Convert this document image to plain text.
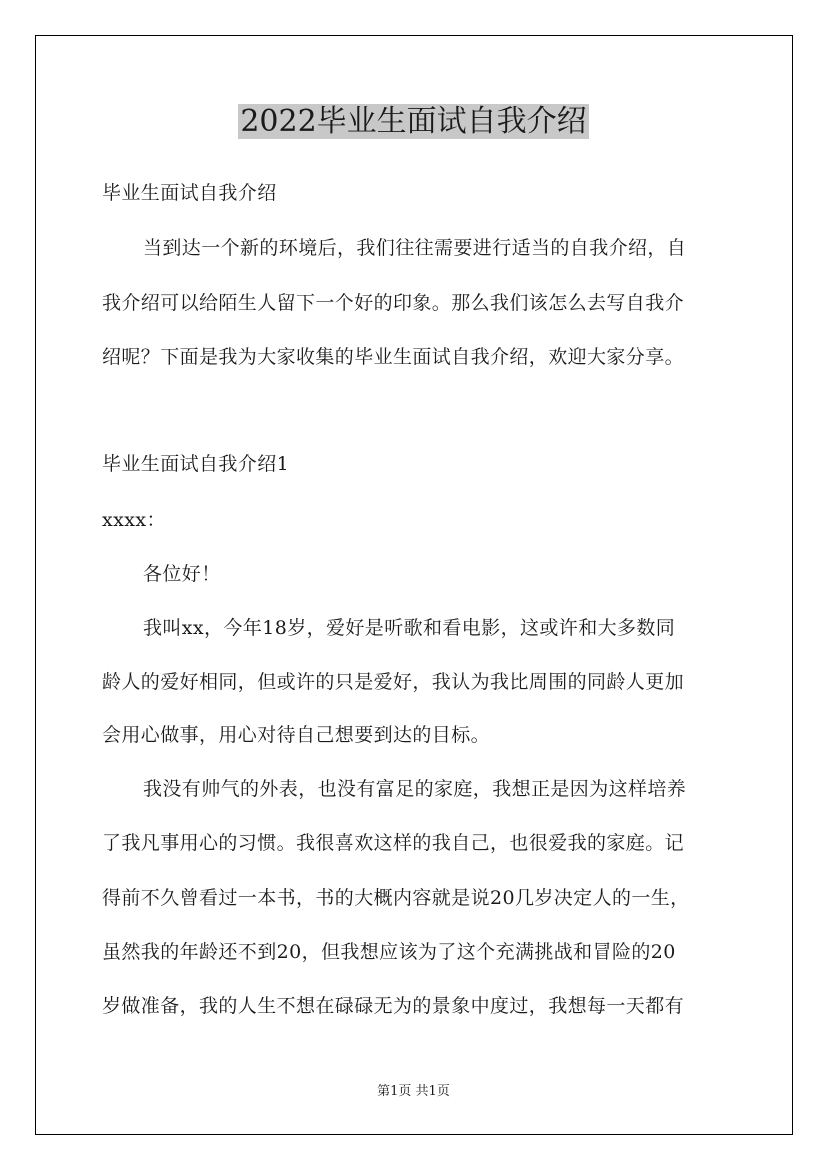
2022毕业生面试自我介绍
毕业生面试自我介绍
当到达一个新的环境后，我们往往需要进行适当的自我介绍，自
我介绍可以给陌生人留下一个好的印象。那么我们该怎么去写自我介
绍呢？下面是我为大家收集的毕业生面试自我介绍，欢迎大家分享。
毕业生面试自我介绍1
xxxx：
各位好！
我叫xx，今年18岁，爱好是听歌和看电影，这或许和大多数同
龄人的爱好相同，但或许的只是爱好，我认为我比周围的同龄人更加
会用心做事，用心对待自己想要到达的目标。
我没有帅气的外表，也没有富足的家庭，我想正是因为这样培养
了我凡事用心的习惯。我很喜欢这样的我自己，也很爱我的家庭。记
得前不久曾看过一本书，书的大概内容就是说20几岁决定人的一生，
虽然我的年龄还不到20，但我想应该为了这个充满挑战和冒险的20
岁做准备，我的人生不想在碌碌无为的景象中度过，我想每一天都有
第1页 共1页
